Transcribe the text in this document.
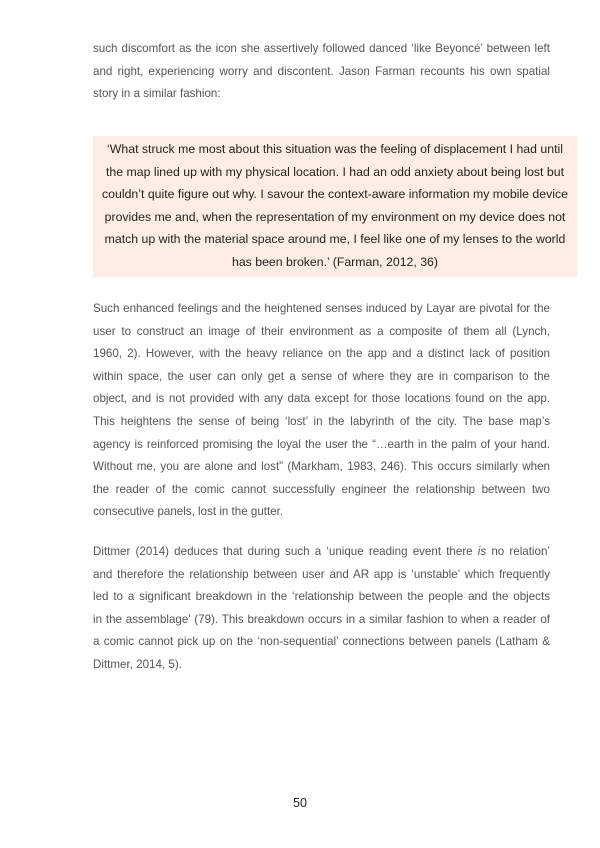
such discomfort as the icon she assertively followed danced ‘like Beyoncé’ between left
and right, experiencing worry and discontent. Jason Farman recounts his own spatial
story in a similar fashion:
‘What struck me most about this situation was the feeling of displacement I had until
the map lined up with my physical location. I had an odd anxiety about being lost but
couldn’t quite figure out why. I savour the context-aware information my mobile device
provides me and, when the representation of my environment on my device does not
match up with the material space around me, I feel like one of my lenses to the world
has been broken.’ (Farman, 2012, 36)
Such enhanced feelings and the heightened senses induced by Layar are pivotal for the
user to construct an image of their environment as a composite of them all (Lynch,
1960, 2). However, with the heavy reliance on the app and a distinct lack of position
within space, the user can only get a sense of where they are in comparison to the
object, and is not provided with any data except for those locations found on the app.
This heightens the sense of being ‘lost’ in the labyrinth of the city. The base map’s
agency is reinforced promising the loyal the user the “…earth in the palm of your hand.
Without me, you are alone and lost” (Markham, 1983, 246). This occurs similarly when
the reader of the comic cannot successfully engineer the relationship between two
consecutive panels, lost in the gutter.
Dittmer (2014) deduces that during such a ‘unique reading event there is no relation’
and therefore the relationship between user and AR app is ‘unstable’ which frequently
led to a significant breakdown in the ‘relationship between the people and the objects
in the assemblage’ (79). This breakdown occurs in a similar fashion to when a reader of
a comic cannot pick up on the ‘non-sequential’ connections between panels (Latham &
Dittmer, 2014, 5).
50
